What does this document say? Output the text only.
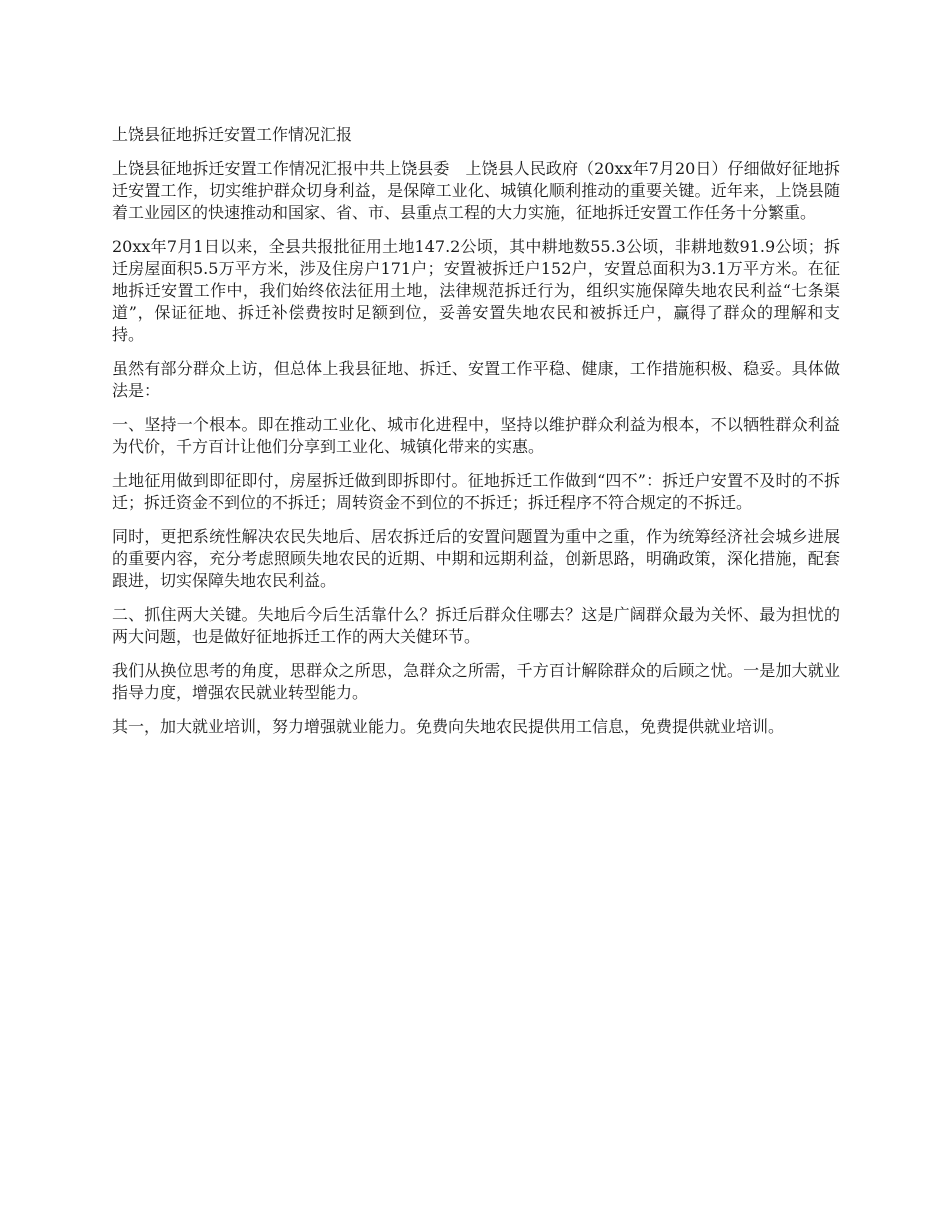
上饶县征地拆迁安置工作情况汇报

上饶县征地拆迁安置工作情况汇报中共上饶县委　上饶县人民政府（20xx年7月20日）仔细做好征地拆迁安置工作，切实维护群众切身利益，是保障工业化、城镇化顺利推动的重要关键。近年来，上饶县随着工业园区的快速推动和国家、省、市、县重点工程的大力实施，征地拆迁安置工作任务十分繁重。

20xx年7月1日以来，全县共报批征用土地147.2公顷，其中耕地数55.3公顷，非耕地数91.9公顷；拆迁房屋面积5.5万平方米，涉及住房户171户；安置被拆迁户152户，安置总面积为3.1万平方米。在征地拆迁安置工作中，我们始终依法征用土地，法律规范拆迁行为，组织实施保障失地农民利益“七条渠道”，保证征地、拆迁补偿费按时足额到位，妥善安置失地农民和被拆迁户，赢得了群众的理解和支持。

虽然有部分群众上访，但总体上我县征地、拆迁、安置工作平稳、健康，工作措施积极、稳妥。具体做法是：

一、坚持一个根本。即在推动工业化、城市化进程中，坚持以维护群众利益为根本，不以牺牲群众利益为代价，千方百计让他们分享到工业化、城镇化带来的实惠。

土地征用做到即征即付，房屋拆迁做到即拆即付。征地拆迁工作做到“四不”：拆迁户安置不及时的不拆迁；拆迁资金不到位的不拆迁；周转资金不到位的不拆迁；拆迁程序不符合规定的不拆迁。

同时，更把系统性解决农民失地后、居农拆迁后的安置问题置为重中之重，作为统筹经济社会城乡进展的重要内容，充分考虑照顾失地农民的近期、中期和远期利益，创新思路，明确政策，深化措施，配套跟进，切实保障失地农民利益。

二、抓住两大关键。失地后今后生活靠什么？拆迁后群众住哪去？这是广阔群众最为关怀、最为担忧的两大问题，也是做好征地拆迁工作的两大关健环节。

我们从换位思考的角度，思群众之所思，急群众之所需，千方百计解除群众的后顾之忧。一是加大就业指导力度，增强农民就业转型能力。

其一，加大就业培训，努力增强就业能力。免费向失地农民提供用工信息，免费提供就业培训。
